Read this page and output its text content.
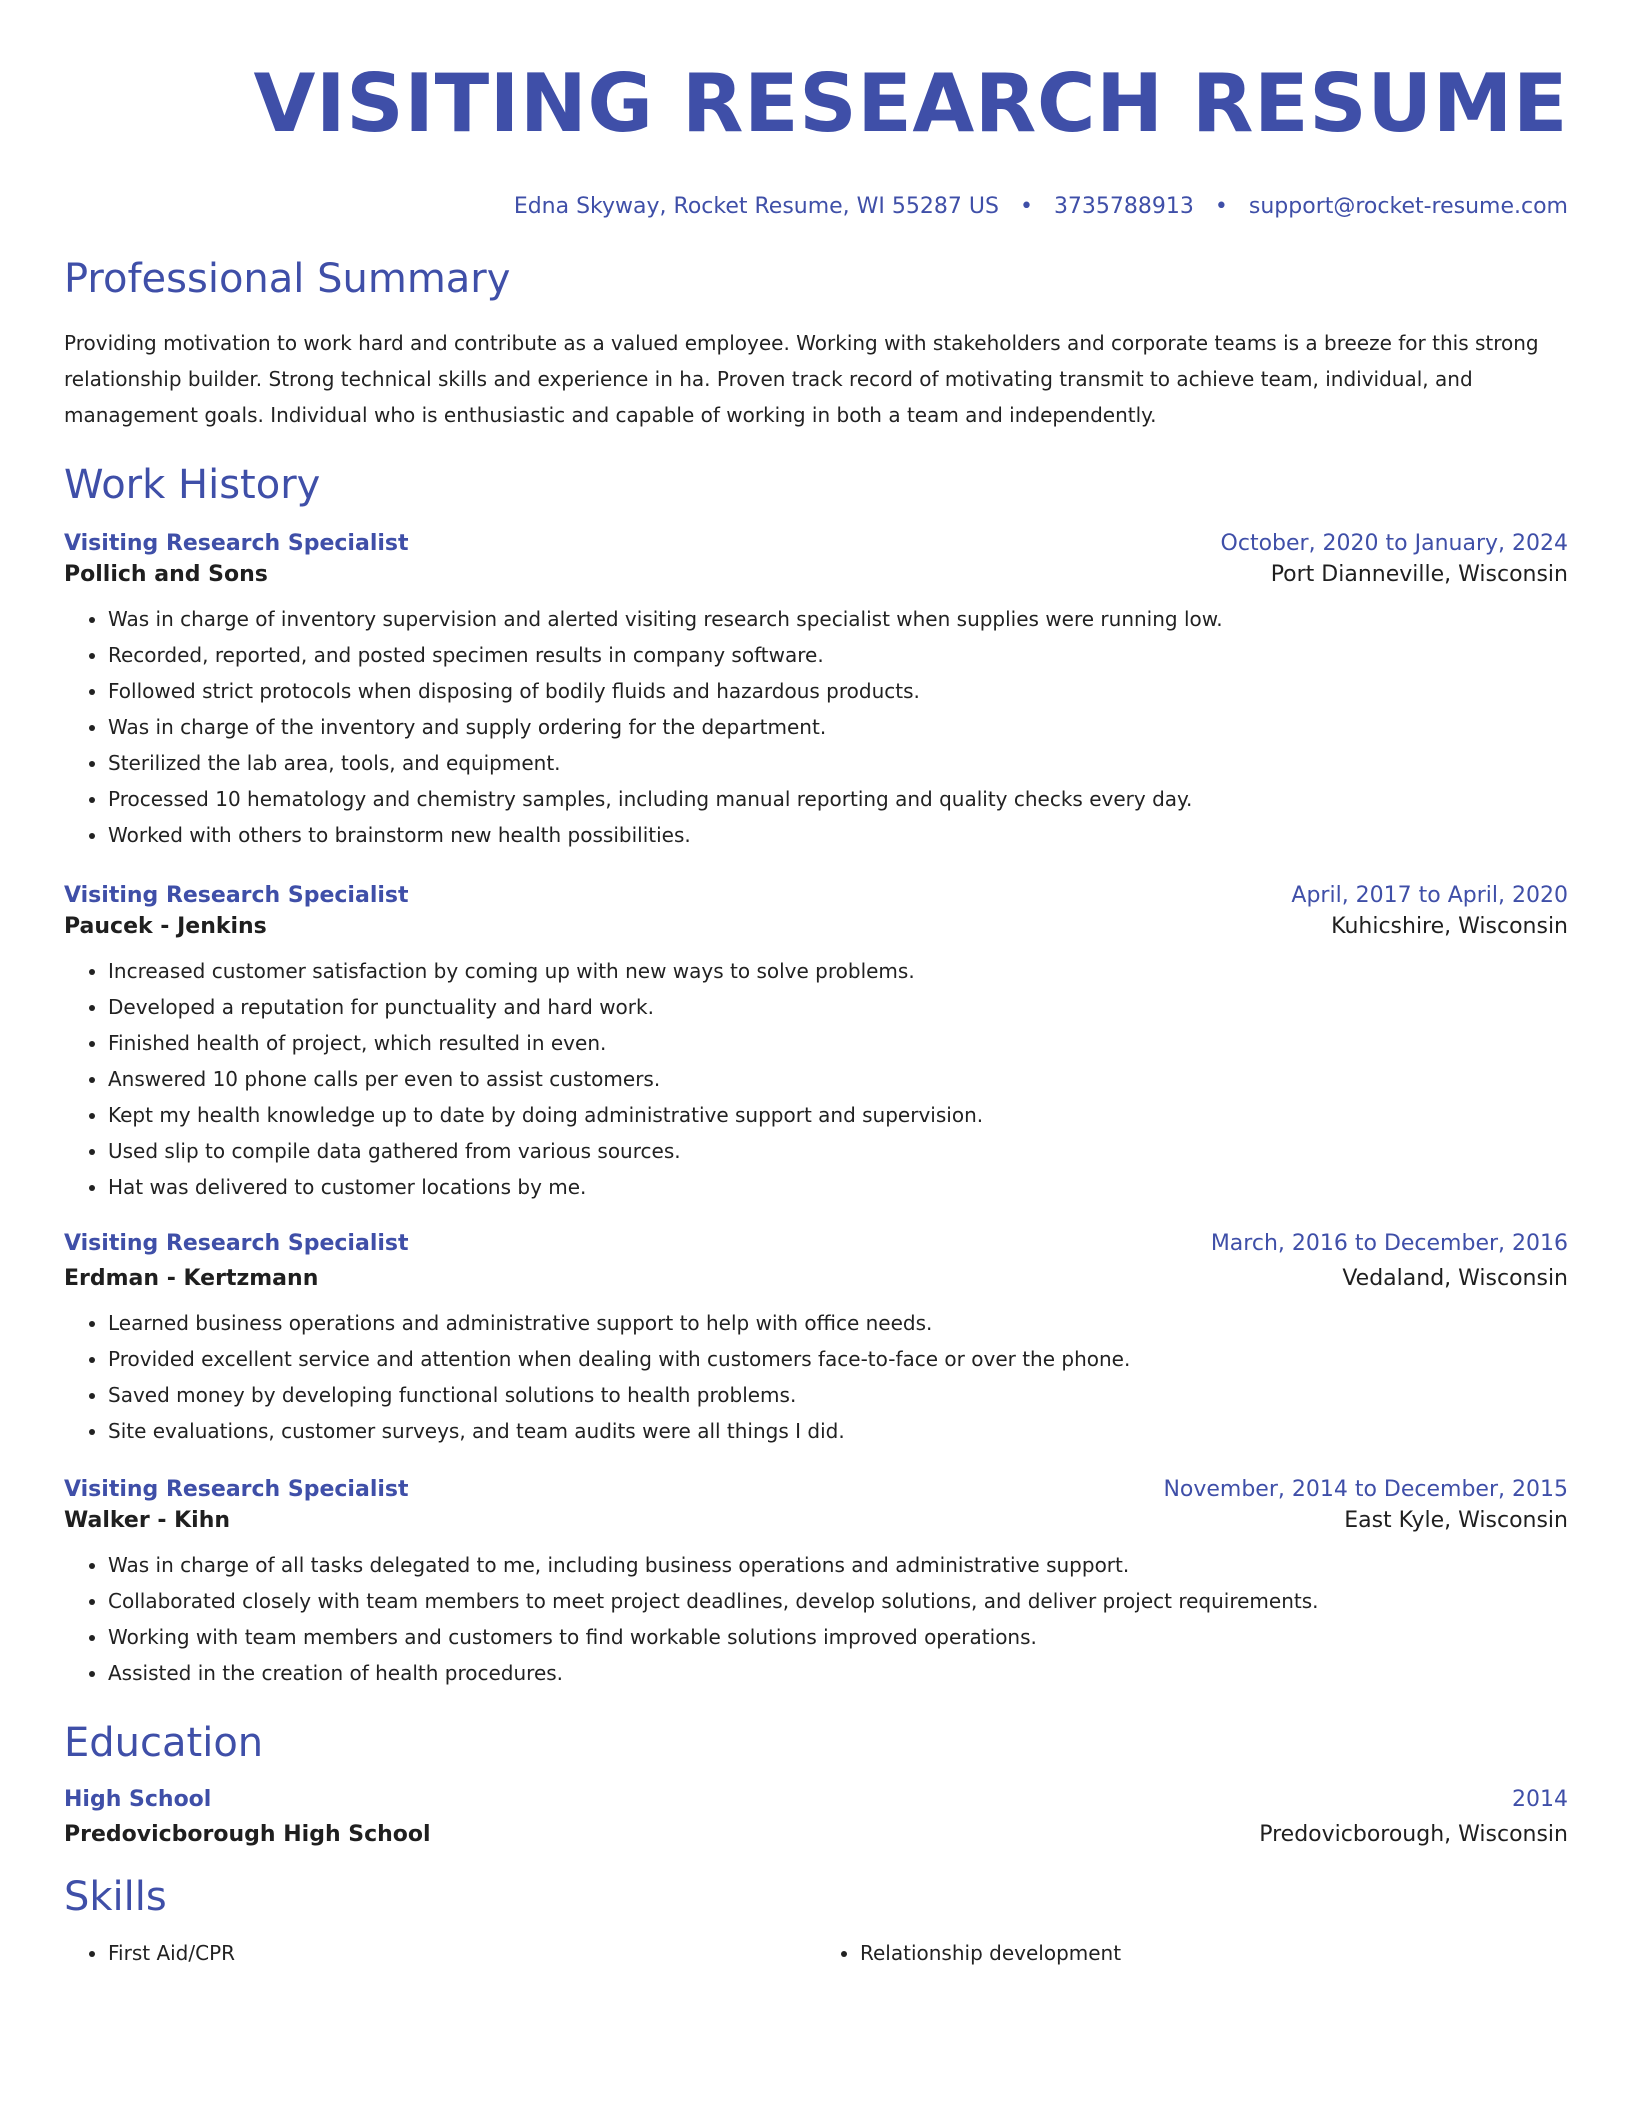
VISITING RESEARCH RESUME
Edna Skyway, Rocket Resume, WI 55287 US • 3735788913 • support@rocket-resume.com
Professional Summary
Providing motivation to work hard and contribute as a valued employee. Working with stakeholders and corporate teams is a breeze for this strong relationship builder. Strong technical skills and experience in ha. Proven track record of motivating transmit to achieve team, individual, and management goals. Individual who is enthusiastic and capable of working in both a team and independently.
Work History
Visiting Research Specialist	October, 2020 to January, 2024
Pollich and Sons	Port Dianneville, Wisconsin
• Was in charge of inventory supervision and alerted visiting research specialist when supplies were running low.
• Recorded, reported, and posted specimen results in company software.
• Followed strict protocols when disposing of bodily fluids and hazardous products.
• Was in charge of the inventory and supply ordering for the department.
• Sterilized the lab area, tools, and equipment.
• Processed 10 hematology and chemistry samples, including manual reporting and quality checks every day.
• Worked with others to brainstorm new health possibilities.
Visiting Research Specialist	April, 2017 to April, 2020
Paucek - Jenkins	Kuhicshire, Wisconsin
• Increased customer satisfaction by coming up with new ways to solve problems.
• Developed a reputation for punctuality and hard work.
• Finished health of project, which resulted in even.
• Answered 10 phone calls per even to assist customers.
• Kept my health knowledge up to date by doing administrative support and supervision.
• Used slip to compile data gathered from various sources.
• Hat was delivered to customer locations by me.
Visiting Research Specialist	March, 2016 to December, 2016
Erdman - Kertzmann	Vedaland, Wisconsin
• Learned business operations and administrative support to help with office needs.
• Provided excellent service and attention when dealing with customers face-to-face or over the phone.
• Saved money by developing functional solutions to health problems.
• Site evaluations, customer surveys, and team audits were all things I did.
Visiting Research Specialist	November, 2014 to December, 2015
Walker - Kihn	East Kyle, Wisconsin
• Was in charge of all tasks delegated to me, including business operations and administrative support.
• Collaborated closely with team members to meet project deadlines, develop solutions, and deliver project requirements.
• Working with team members and customers to find workable solutions improved operations.
• Assisted in the creation of health procedures.
Education
High School	2014
Predovicborough High School	Predovicborough, Wisconsin
Skills
• First Aid/CPR
•	Relationship development
